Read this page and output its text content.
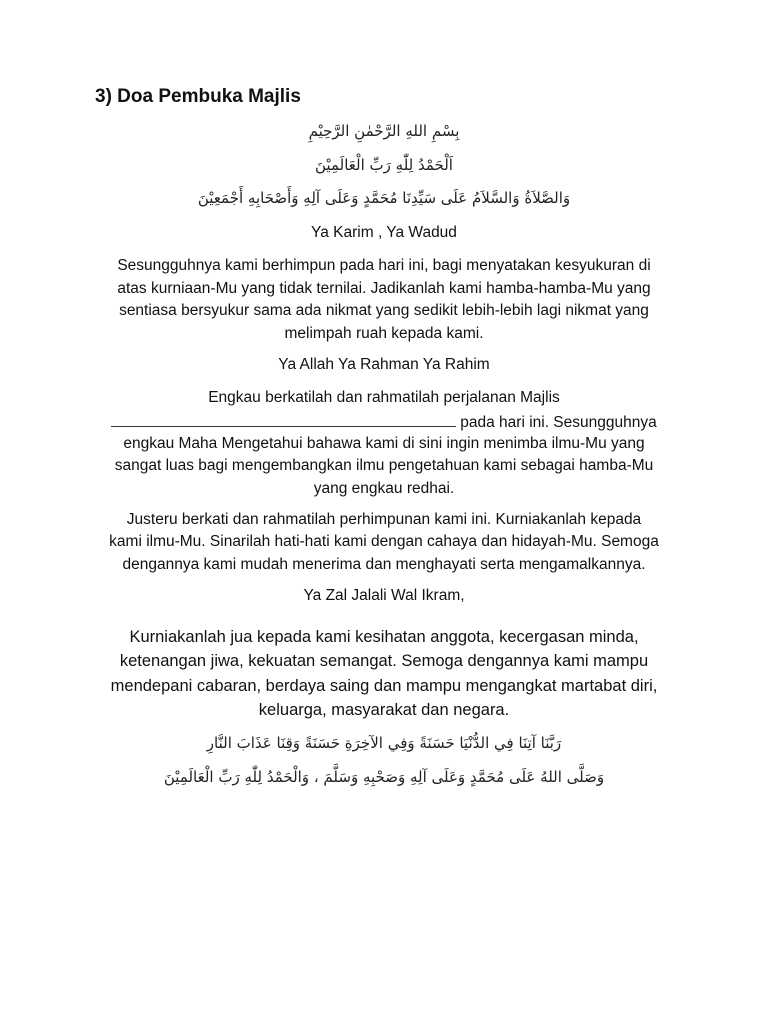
3) Doa Pembuka Majlis

بِسْمِ اللهِ الرَّحْمٰنِ الرَّحِيْمِ

اَلْحَمْدُ لِلّٰهِ رَبِّ الْعَالَمِيْنَ

وَالصَّلاَةُ وَالسَّلاَمُ عَلَى سَيِّدِنَا مُحَمَّدٍ وَعَلَى آلِهِ وَأَصْحَابِهِ أَجْمَعِيْنَ

Ya Karim , Ya Wadud

Sesungguhnya kami berhimpun pada hari ini, bagi menyatakan kesyukuran di

atas kurniaan-Mu yang tidak ternilai. Jadikanlah kami hamba-hamba-Mu yang

sentiasa bersyukur sama ada nikmat yang sedikit lebih-lebih lagi nikmat yang

melimpah ruah kepada kami.

Ya Allah Ya Rahman Ya Rahim

Engkau berkatilah dan rahmatilah perjalanan Majlis

pada hari ini. Sesungguhnya

engkau Maha Mengetahui bahawa kami di sini ingin menimba ilmu-Mu yang

sangat luas bagi mengembangkan ilmu pengetahuan kami sebagai hamba-Mu

yang engkau redhai.

Justeru berkati dan rahmatilah perhimpunan kami ini. Kurniakanlah kepada

kami ilmu-Mu. Sinarilah hati-hati kami dengan cahaya dan hidayah-Mu. Semoga

dengannya kami mudah menerima dan menghayati serta mengamalkannya.

Ya Zal Jalali Wal Ikram,

Kurniakanlah jua kepada kami kesihatan anggota, kecergasan minda,

ketenangan jiwa, kekuatan semangat. Semoga dengannya kami mampu

mendepani cabaran, berdaya saing dan mampu mengangkat martabat diri,

keluarga, masyarakat dan negara.

رَبَّنَا آتِنَا فِي الدُّنْيَا حَسَنَةً وَفِي الآخِرَةِ حَسَنَةً وَقِنَا عَذَابَ النَّارِ

وَصَلَّى اللهُ عَلَى مُحَمَّدٍ وَعَلَى آلِهِ وَصَحْبِهِ وَسَلَّمَ ، وَالْحَمْدُ لِلّٰهِ رَبِّ الْعَالَمِيْنَ
